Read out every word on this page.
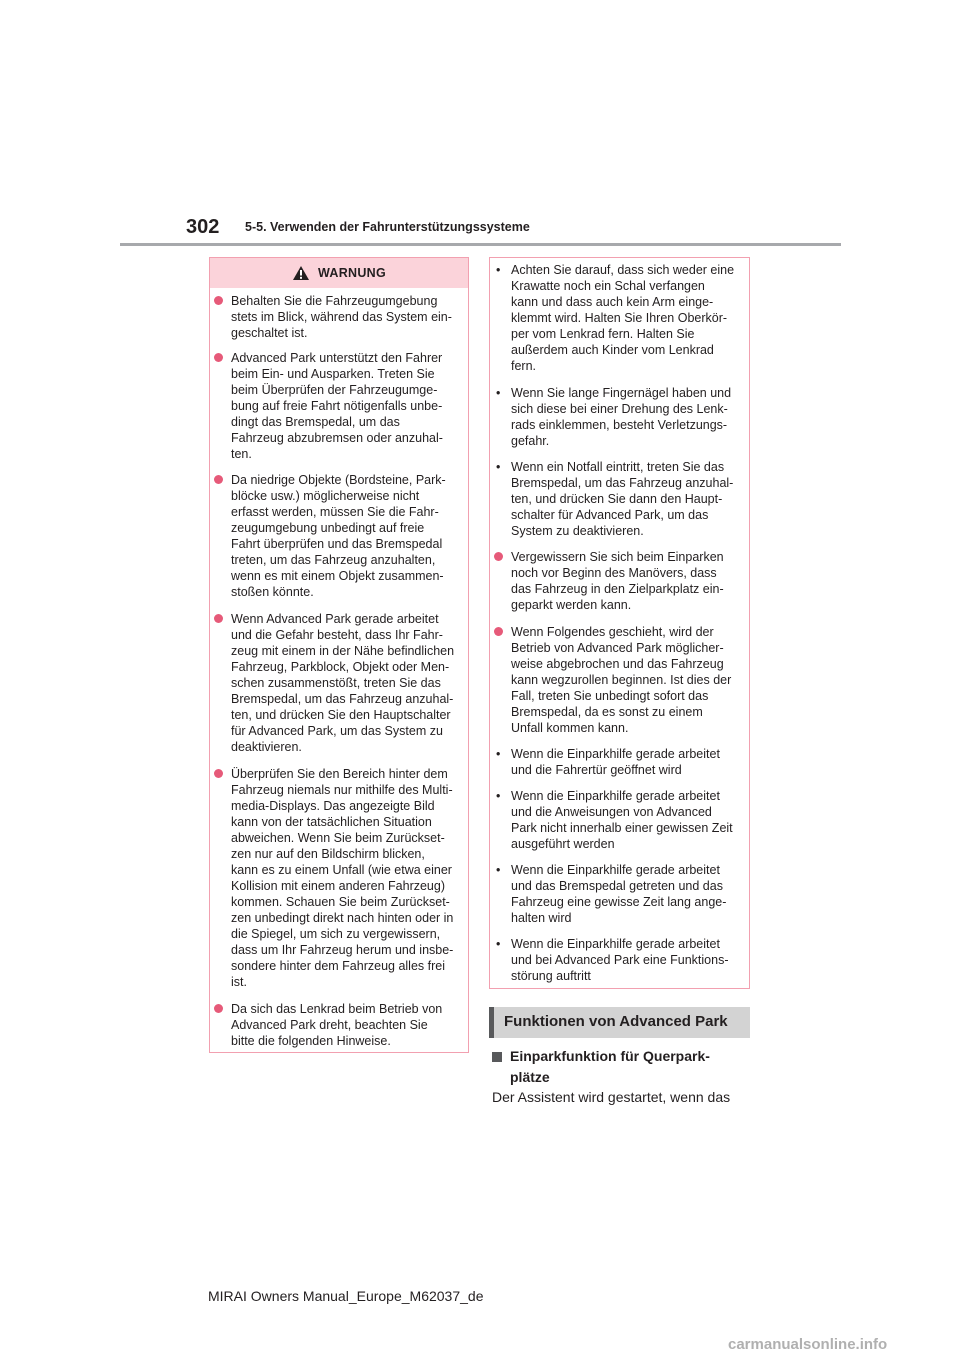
302 5-5. Verwenden der Fahrunterstützungssysteme
WARNUNG
Behalten Sie die Fahrzeugumgebung
stets im Blick, während das System ein-
geschaltet ist.
Advanced Park unterstützt den Fahrer
beim Ein- und Ausparken. Treten Sie
beim Überprüfen der Fahrzeugumge-
bung auf freie Fahrt nötigenfalls unbe-
dingt das Bremspedal, um das
Fahrzeug abzubremsen oder anzuhal-
ten.
Da niedrige Objekte (Bordsteine, Park-
blöcke usw.) möglicherweise nicht
erfasst werden, müssen Sie die Fahr-
zeugumgebung unbedingt auf freie
Fahrt überprüfen und das Bremspedal
treten, um das Fahrzeug anzuhalten,
wenn es mit einem Objekt zusammen-
stoßen könnte.
Wenn Advanced Park gerade arbeitet
und die Gefahr besteht, dass Ihr Fahr-
zeug mit einem in der Nähe befindlichen
Fahrzeug, Parkblock, Objekt oder Men-
schen zusammenstößt, treten Sie das
Bremspedal, um das Fahrzeug anzuhal-
ten, und drücken Sie den Hauptschalter
für Advanced Park, um das System zu
deaktivieren.
Überprüfen Sie den Bereich hinter dem
Fahrzeug niemals nur mithilfe des Multi-
media-Displays. Das angezeigte Bild
kann von der tatsächlichen Situation
abweichen. Wenn Sie beim Zurückset-
zen nur auf den Bildschirm blicken,
kann es zu einem Unfall (wie etwa einer
Kollision mit einem anderen Fahrzeug)
kommen. Schauen Sie beim Zurückset-
zen unbedingt direkt nach hinten oder in
die Spiegel, um sich zu vergewissern,
dass um Ihr Fahrzeug herum und insbe-
sondere hinter dem Fahrzeug alles frei
ist.
Da sich das Lenkrad beim Betrieb von
Advanced Park dreht, beachten Sie
bitte die folgenden Hinweise.
• Achten Sie darauf, dass sich weder eine
Krawatte noch ein Schal verfangen
kann und dass auch kein Arm einge-
klemmt wird. Halten Sie Ihren Oberkör-
per vom Lenkrad fern. Halten Sie
außerdem auch Kinder vom Lenkrad
fern.
• Wenn Sie lange Fingernägel haben und
sich diese bei einer Drehung des Lenk-
rads einklemmen, besteht Verletzungs-
gefahr.
• Wenn ein Notfall eintritt, treten Sie das
Bremspedal, um das Fahrzeug anzuhal-
ten, und drücken Sie dann den Haupt-
schalter für Advanced Park, um das
System zu deaktivieren.
Vergewissern Sie sich beim Einparken
noch vor Beginn des Manövers, dass
das Fahrzeug in den Zielparkplatz ein-
geparkt werden kann.
Wenn Folgendes geschieht, wird der
Betrieb von Advanced Park möglicher-
weise abgebrochen und das Fahrzeug
kann wegzurollen beginnen. Ist dies der
Fall, treten Sie unbedingt sofort das
Bremspedal, da es sonst zu einem
Unfall kommen kann.
• Wenn die Einparkhilfe gerade arbeitet
und die Fahrertür geöffnet wird
• Wenn die Einparkhilfe gerade arbeitet
und die Anweisungen von Advanced
Park nicht innerhalb einer gewissen Zeit
ausgeführt werden
• Wenn die Einparkhilfe gerade arbeitet
und das Bremspedal getreten und das
Fahrzeug eine gewisse Zeit lang ange-
halten wird
• Wenn die Einparkhilfe gerade arbeitet
und bei Advanced Park eine Funktions-
störung auftritt
Funktionen von Advanced Park
Einparkfunktion für Querpark-
plätze
Der Assistent wird gestartet, wenn das
MIRAI Owners Manual_Europe_M62037_de
carmanualsonline.info
